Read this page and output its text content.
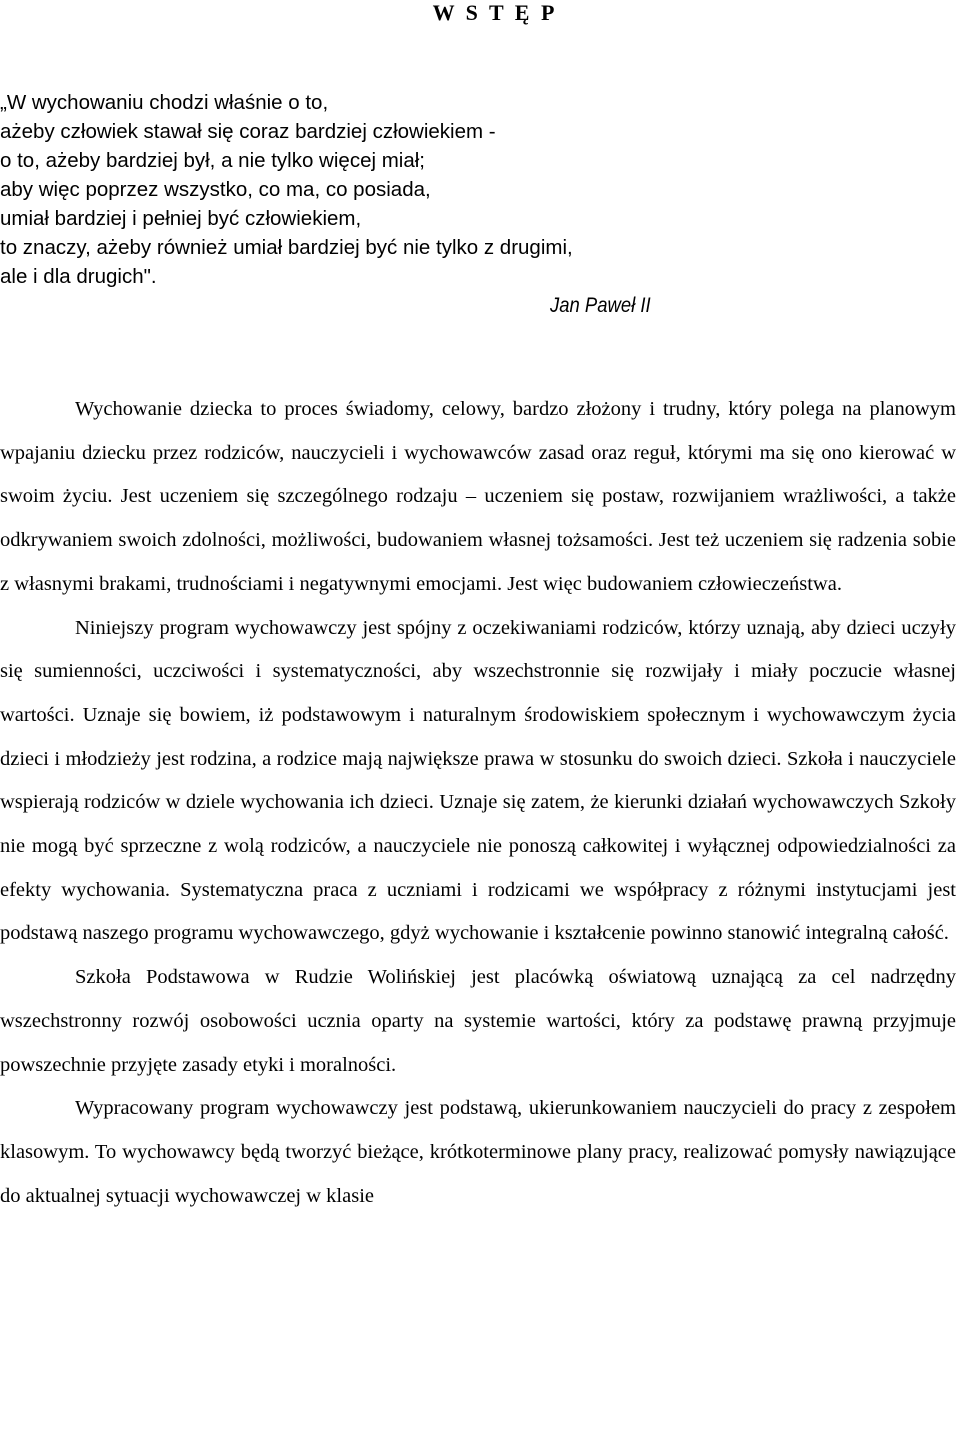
W S T Ę P
„W wychowaniu chodzi właśnie o to,
ażeby człowiek stawał się coraz bardziej człowiekiem -
o to, ażeby bardziej był, a nie tylko więcej miał;
aby więc poprzez wszystko, co ma, co posiada,
umiał bardziej i pełniej być człowiekiem,
to znaczy, ażeby również umiał bardziej być nie tylko z drugimi,
ale i dla drugich".
Jan Paweł II

Wychowanie dziecka to proces świadomy, celowy, bardzo złożony i trudny, który polega na planowym wpajaniu dziecku przez rodziców, nauczycieli i wychowawców zasad oraz reguł, którymi ma się ono kierować w swoim życiu. Jest uczeniem się szczególnego rodzaju – uczeniem się postaw, rozwijaniem wrażliwości, a także odkrywaniem swoich zdolności, możliwości, budowaniem własnej tożsamości. Jest też uczeniem się radzenia sobie z własnymi brakami, trudnościami i negatywnymi emocjami. Jest więc budowaniem człowieczeństwa.

Niniejszy program wychowawczy jest spójny z oczekiwaniami rodziców, którzy uznają, aby dzieci uczyły się sumienności, uczciwości i systematyczności, aby wszechstronnie się rozwijały i miały poczucie własnej wartości. Uznaje się bowiem, iż podstawowym i naturalnym środowiskiem społecznym i wychowawczym życia dzieci i młodzieży jest rodzina, a rodzice mają największe prawa w stosunku do swoich dzieci. Szkoła i nauczyciele wspierają rodziców w dziele wychowania ich dzieci. Uznaje się zatem, że kierunki działań wychowawczych Szkoły nie mogą być sprzeczne z wolą rodziców, a nauczyciele nie ponoszą całkowitej i wyłącznej odpowiedzialności za efekty wychowania. Systematyczna praca z uczniami i rodzicami we współpracy z różnymi instytucjami jest podstawą naszego programu wychowawczego, gdyż wychowanie i kształcenie powinno stanowić integralną całość.

Szkoła Podstawowa w Rudzie Wolińskiej jest placówką oświatową uznającą za cel nadrzędny wszechstronny rozwój osobowości ucznia oparty na systemie wartości, który za podstawę prawną przyjmuje powszechnie przyjęte zasady etyki i moralności.

Wypracowany program wychowawczy jest podstawą, ukierunkowaniem nauczycieli do pracy z zespołem klasowym. To wychowawcy będą tworzyć bieżące, krótkoterminowe plany pracy, realizować pomysły nawiązujące do aktualnej sytuacji wychowawczej w klasie
